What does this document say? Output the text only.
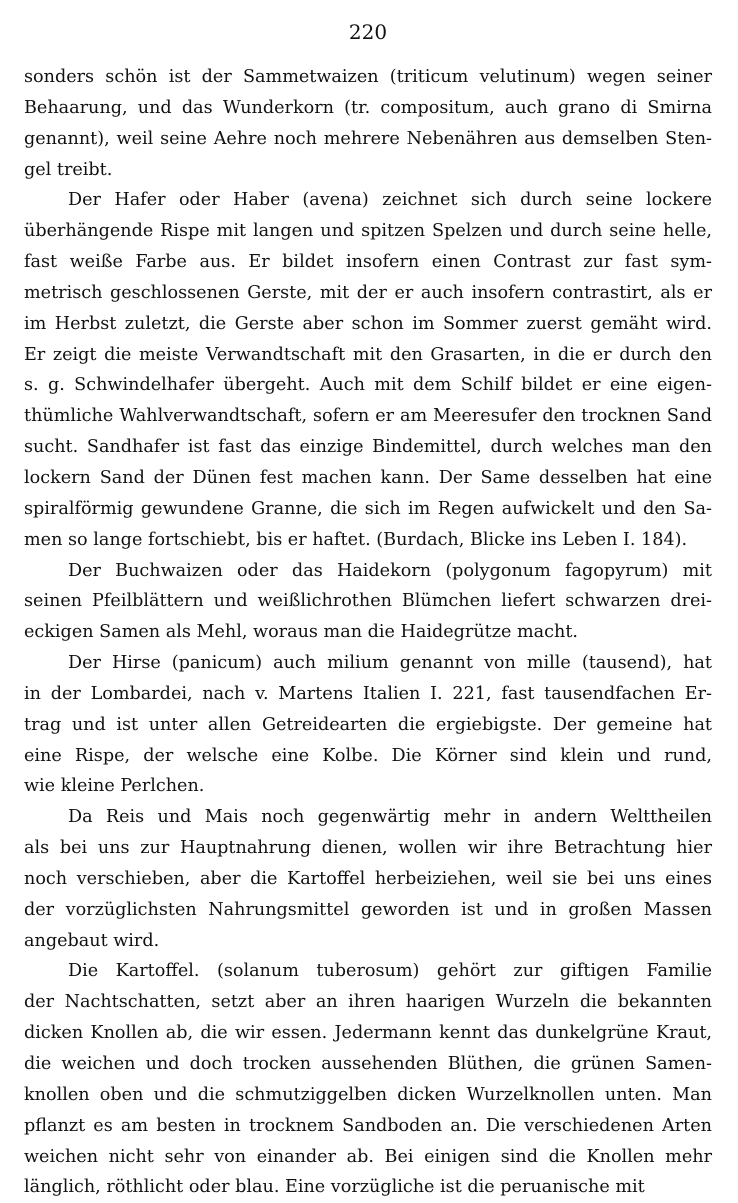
220
sonders schön ist der Sammetwaizen (triticum velutinum) wegen seiner
Behaarung, und das Wunderkorn (tr. compositum, auch grano di Smirna
genannt), weil seine Aehre noch mehrere Nebenähren aus demselben Sten-
gel treibt.
Der Hafer oder Haber (avena) zeichnet sich durch seine lockere
überhängende Rispe mit langen und spitzen Spelzen und durch seine helle,
fast weiße Farbe aus. Er bildet insofern einen Contrast zur fast sym-
metrisch geschlossenen Gerste, mit der er auch insofern contrastirt, als er
im Herbst zuletzt, die Gerste aber schon im Sommer zuerst gemäht wird.
Er zeigt die meiste Verwandtschaft mit den Grasarten, in die er durch den
s. g. Schwindelhafer übergeht. Auch mit dem Schilf bildet er eine eigen-
thümliche Wahlverwandtschaft, sofern er am Meeresufer den trocknen Sand
sucht. Sandhafer ist fast das einzige Bindemittel, durch welches man den
lockern Sand der Dünen fest machen kann. Der Same desselben hat eine
spiralförmig gewundene Granne, die sich im Regen aufwickelt und den Sa-
men so lange fortschiebt, bis er haftet. (Burdach, Blicke ins Leben I. 184).
Der Buchwaizen oder das Haidekorn (polygonum fagopyrum) mit
seinen Pfeilblättern und weißlichrothen Blümchen liefert schwarzen drei-
eckigen Samen als Mehl, woraus man die Haidegrütze macht.
Der Hirse (panicum) auch milium genannt von mille (tausend), hat
in der Lombardei, nach v. Martens Italien I. 221, fast tausendfachen Er-
trag und ist unter allen Getreidearten die ergiebigste. Der gemeine hat
eine Rispe, der welsche eine Kolbe. Die Körner sind klein und rund,
wie kleine Perlchen.
Da Reis und Mais noch gegenwärtig mehr in andern Welttheilen
als bei uns zur Hauptnahrung dienen, wollen wir ihre Betrachtung hier
noch verschieben, aber die Kartoffel herbeiziehen, weil sie bei uns eines
der vorzüglichsten Nahrungsmittel geworden ist und in großen Massen
angebaut wird.
Die Kartoffel. (solanum tuberosum) gehört zur giftigen Familie
der Nachtschatten, setzt aber an ihren haarigen Wurzeln die bekannten
dicken Knollen ab, die wir essen. Jedermann kennt das dunkelgrüne Kraut,
die weichen und doch trocken aussehenden Blüthen, die grünen Samen-
knollen oben und die schmutziggelben dicken Wurzelknollen unten. Man
pflanzt es am besten in trocknem Sandboden an. Die verschiedenen Arten
weichen nicht sehr von einander ab. Bei einigen sind die Knollen mehr
länglich, röthlicht oder blau. Eine vorzügliche ist die peruanische mit
